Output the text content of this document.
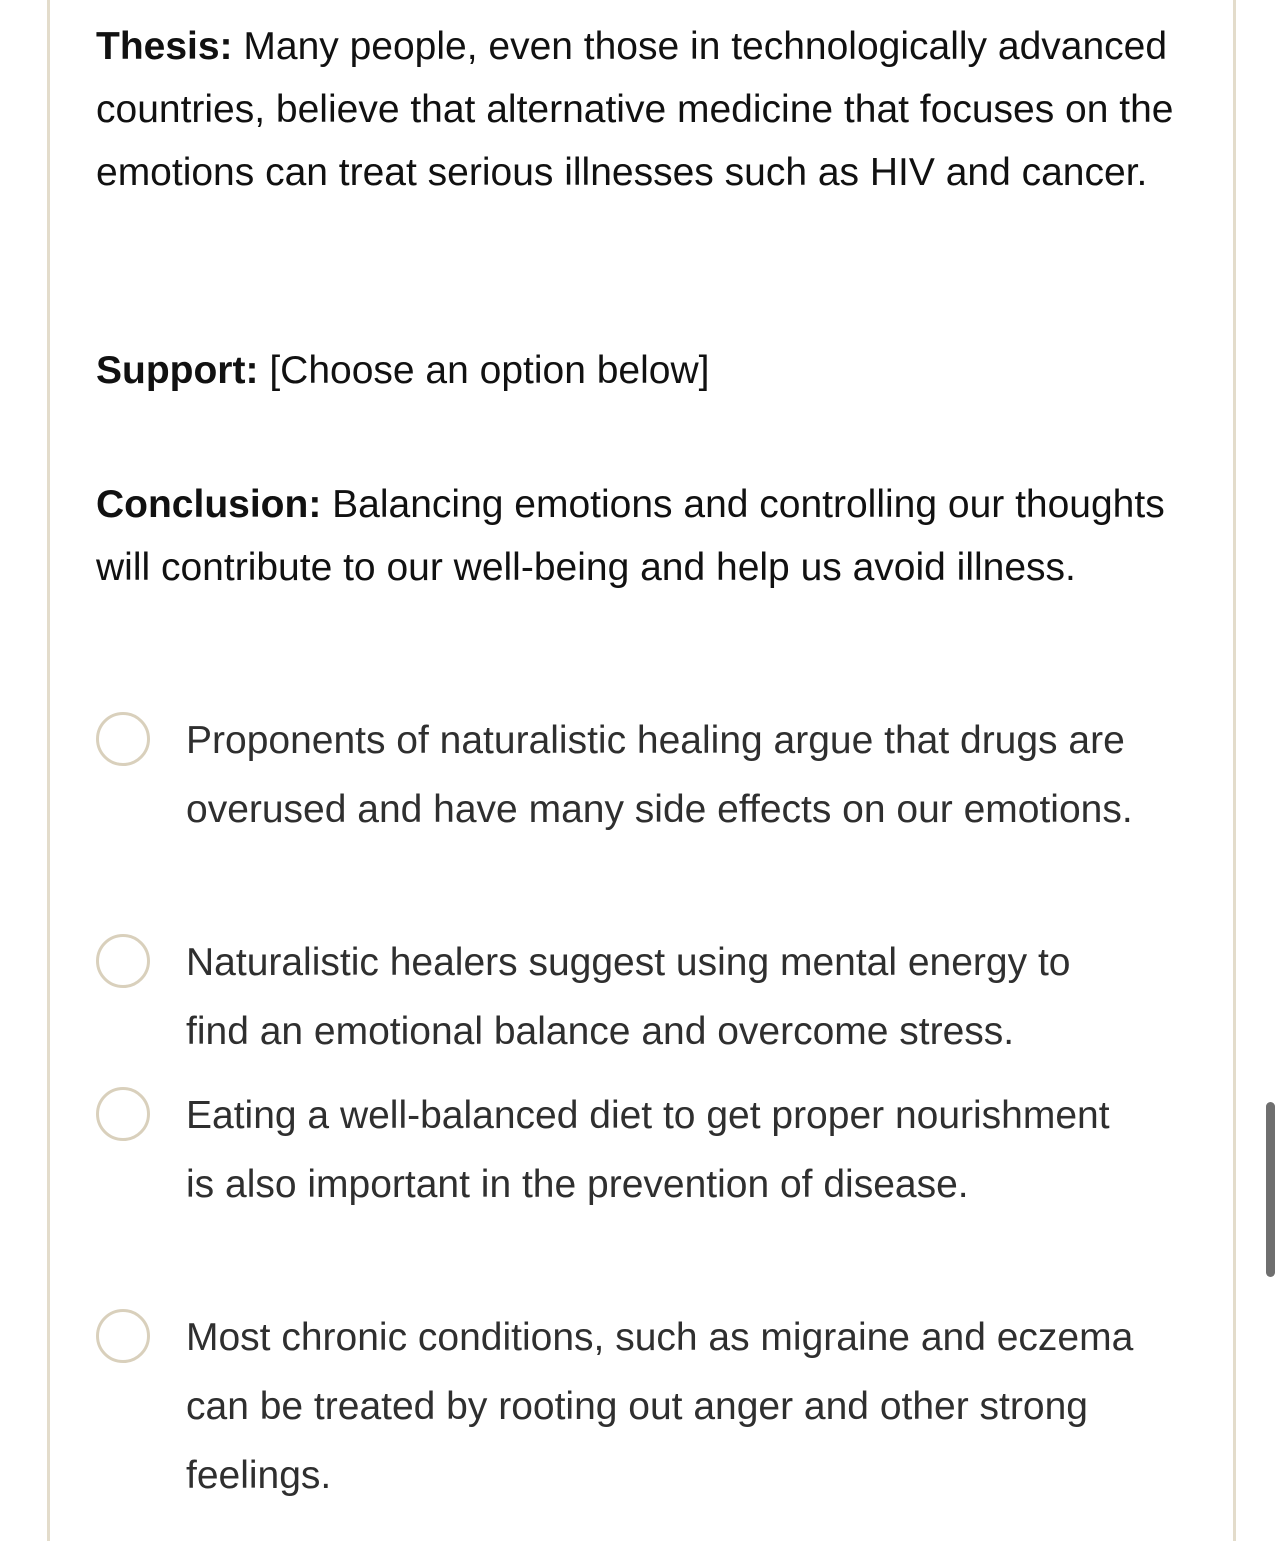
Thesis: Many people, even those in technologically advanced countries, believe that alternative medicine that focuses on the emotions can treat serious illnesses such as HIV and cancer.
Support: [Choose an option below]
Conclusion: Balancing emotions and controlling our thoughts will contribute to our well-being and help us avoid illness.
Proponents of naturalistic healing argue that drugs are overused and have many side effects on our emotions.
Naturalistic healers suggest using mental energy to find an emotional balance and overcome stress.
Eating a well-balanced diet to get proper nourishment is also important in the prevention of disease.
Most chronic conditions, such as migraine and eczema can be treated by rooting out anger and other strong feelings.
